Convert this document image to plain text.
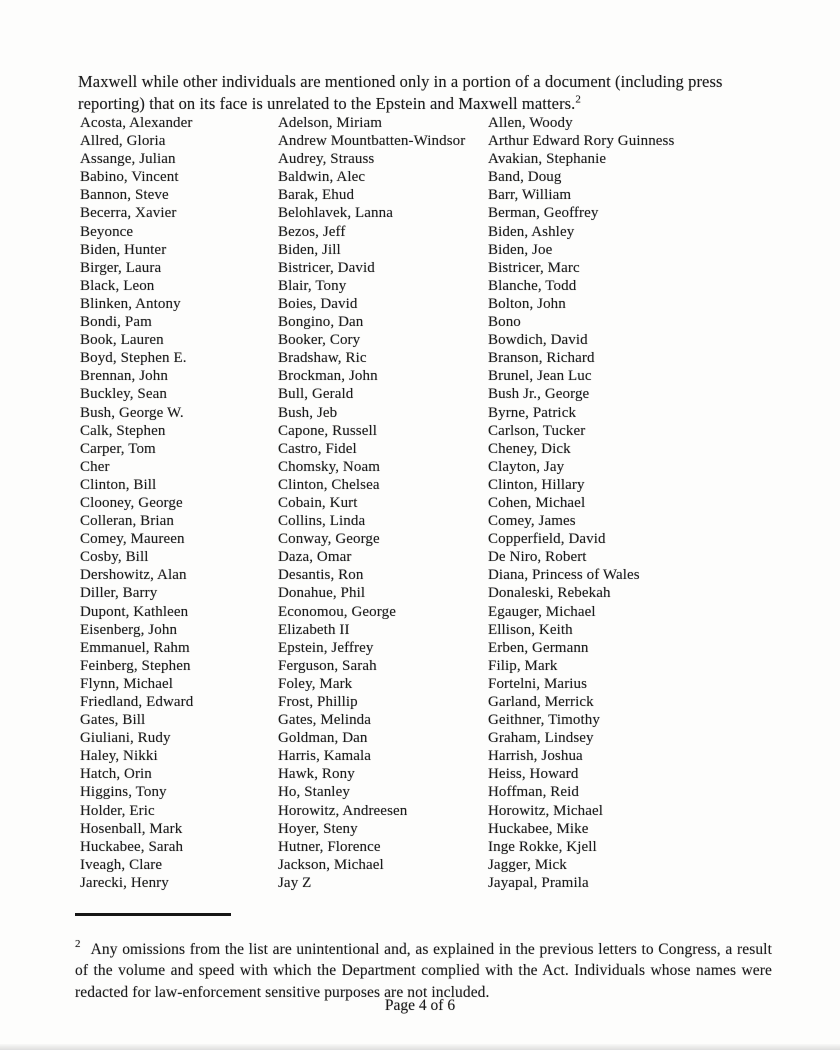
Maxwell while other individuals are mentioned only in a portion of a document (including press
reporting) that on its face is unrelated to the Epstein and Maxwell matters.$^2$

Acosta, Alexander
Allred, Gloria
Assange, Julian
Babino, Vincent
Bannon, Steve
Becerra, Xavier
Beyonce
Biden, Hunter
Birger, Laura
Black, Leon
Blinken, Antony
Bondi, Pam
Book, Lauren
Boyd, Stephen E.
Brennan, John
Buckley, Sean
Bush, George W.
Calk, Stephen
Carper, Tom
Cher
Clinton, Bill
Clooney, George
Colleran, Brian
Comey, Maureen
Cosby, Bill
Dershowitz, Alan
Diller, Barry
Dupont, Kathleen
Eisenberg, John
Emmanuel, Rahm
Feinberg, Stephen
Flynn, Michael
Friedland, Edward
Gates, Bill
Giuliani, Rudy
Haley, Nikki
Hatch, Orin
Higgins, Tony
Holder, Eric
Hosenball, Mark
Huckabee, Sarah
Iveagh, Clare
Jarecki, Henry
Adelson, Miriam
Andrew Mountbatten-Windsor
Audrey, Strauss
Baldwin, Alec
Barak, Ehud
Belohlavek, Lanna
Bezos, Jeff
Biden, Jill
Bistricer, David
Blair, Tony
Boies, David
Bongino, Dan
Booker, Cory
Bradshaw, Ric
Brockman, John
Bull, Gerald
Bush, Jeb
Capone, Russell
Castro, Fidel
Chomsky, Noam
Clinton, Chelsea
Cobain, Kurt
Collins, Linda
Conway, George
Daza, Omar
Desantis, Ron
Donahue, Phil
Economou, George
Elizabeth II
Epstein, Jeffrey
Ferguson, Sarah
Foley, Mark
Frost, Phillip
Gates, Melinda
Goldman, Dan
Harris, Kamala
Hawk, Rony
Ho, Stanley
Horowitz, Andreesen
Hoyer, Steny
Hutner, Florence
Jackson, Michael
Jay Z
Allen, Woody
Arthur Edward Rory Guinness
Avakian, Stephanie
Band, Doug
Barr, William
Berman, Geoffrey
Biden, Ashley
Biden, Joe
Bistricer, Marc
Blanche, Todd
Bolton, John
Bono
Bowdich, David
Branson, Richard
Brunel, Jean Luc
Bush Jr., George
Byrne, Patrick
Carlson, Tucker
Cheney, Dick
Clayton, Jay
Clinton, Hillary
Cohen, Michael
Comey, James
Copperfield, David
De Niro, Robert
Diana, Princess of Wales
Donaleski, Rebekah
Egauger, Michael
Ellison, Keith
Erben, Germann
Filip, Mark
Fortelni, Marius
Garland, Merrick
Geithner, Timothy
Graham, Lindsey
Harrish, Joshua
Heiss, Howard
Hoffman, Reid
Horowitz, Michael
Huckabee, Mike
Inge Rokke, Kjell
Jagger, Mick
Jayapal, Pramila

$^2$ Any omissions from the list are unintentional and, as explained in the previous letters to Congress, a result of the volume and speed with which the Department complied with the Act. Individuals whose names were redacted for law-enforcement sensitive purposes are not included.

Page 4 of 6
